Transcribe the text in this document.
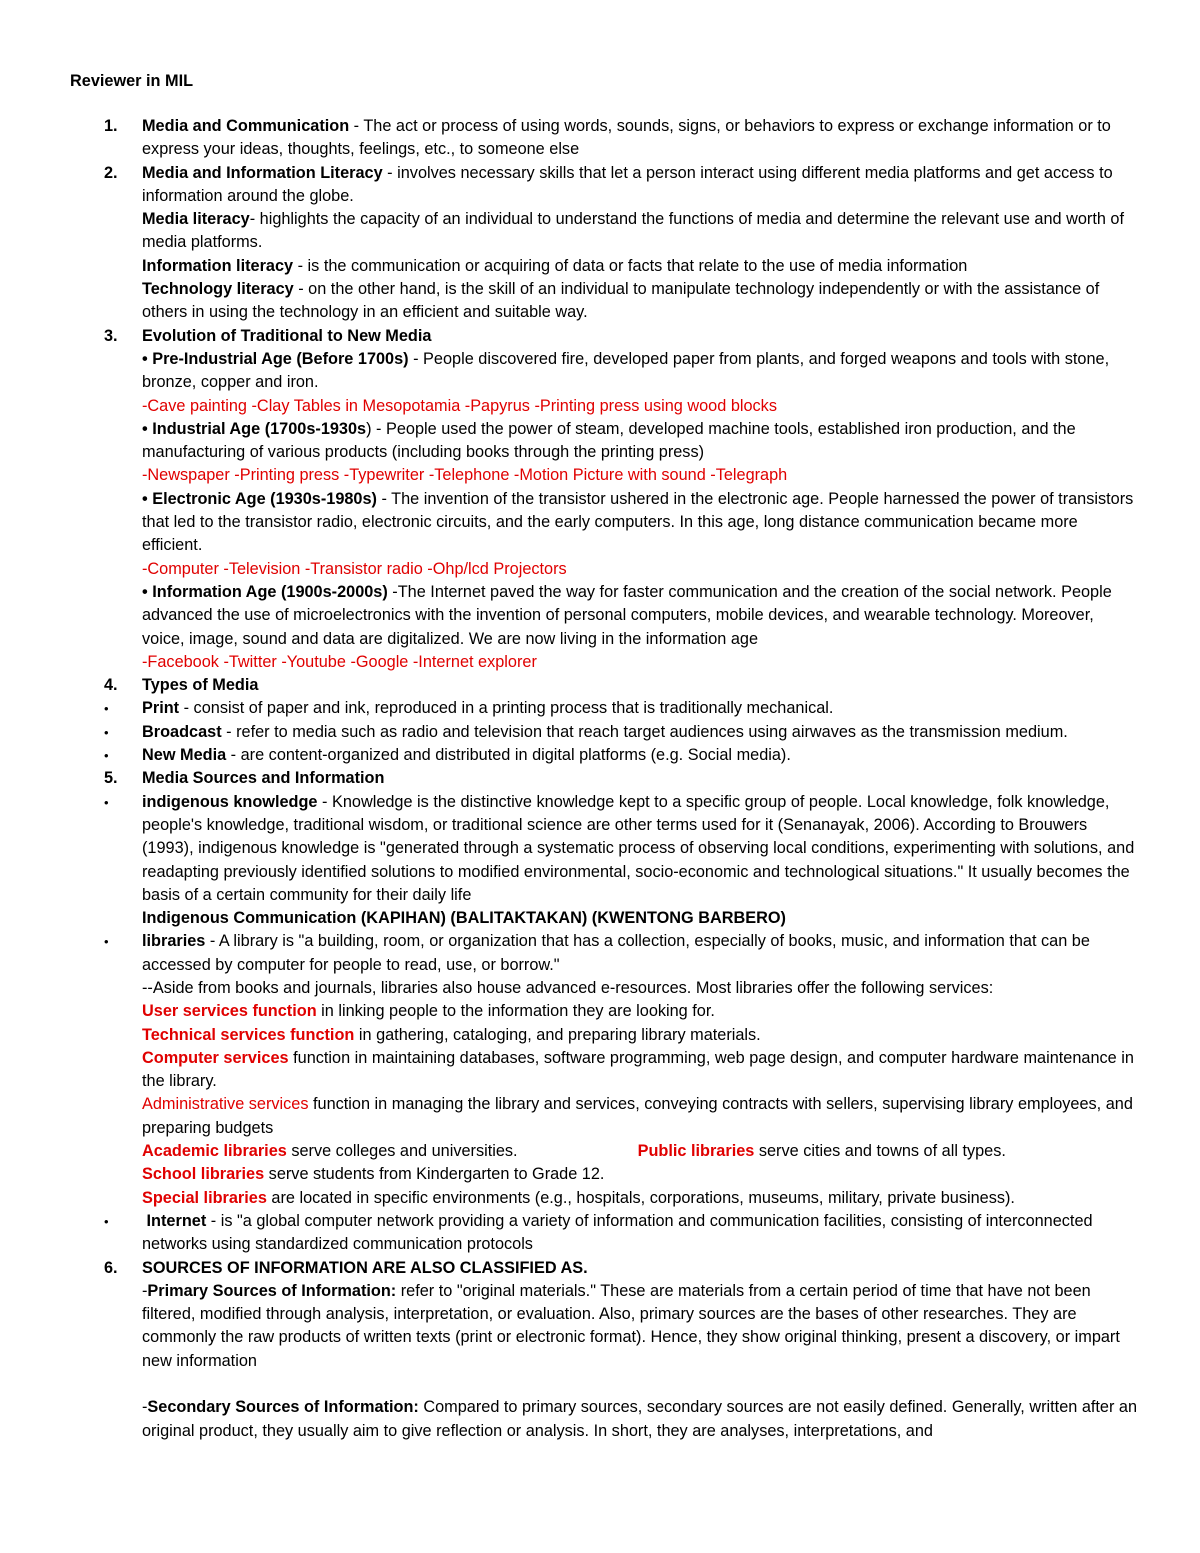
Reviewer in MIL
1. Media and Communication - The act or process of using words, sounds, signs, or behaviors to express or exchange information or to express your ideas, thoughts, feelings, etc., to someone else
2. Media and Information Literacy - involves necessary skills that let a person interact using different media platforms and get access to information around the globe.
Media literacy- highlights the capacity of an individual to understand the functions of media and determine the relevant use and worth of media platforms.
Information literacy - is the communication or acquiring of data or facts that relate to the use of media information
Technology literacy - on the other hand, is the skill of an individual to manipulate technology independently or with the assistance of others in using the technology in an efficient and suitable way.
3. Evolution of Traditional to New Media
• Pre-Industrial Age (Before 1700s) - People discovered fire, developed paper from plants, and forged weapons and tools with stone, bronze, copper and iron.
-Cave painting -Clay Tables in Mesopotamia -Papyrus -Printing press using wood blocks
• Industrial Age (1700s-1930s) - People used the power of steam, developed machine tools, established iron production, and the manufacturing of various products (including books through the printing press)
-Newspaper -Printing press -Typewriter -Telephone -Motion Picture with sound -Telegraph
• Electronic Age (1930s-1980s) - The invention of the transistor ushered in the electronic age. People harnessed the power of transistors that led to the transistor radio, electronic circuits, and the early computers. In this age, long distance communication became more efficient.
-Computer -Television -Transistor radio -Ohp/lcd Projectors
• Information Age (1900s-2000s) -The Internet paved the way for faster communication and the creation of the social network. People advanced the use of microelectronics with the invention of personal computers, mobile devices, and wearable technology. Moreover, voice, image, sound and data are digitalized. We are now living in the information age
-Facebook -Twitter -Youtube -Google -Internet explorer
4. Types of Media
• Print - consist of paper and ink, reproduced in a printing process that is traditionally mechanical.
• Broadcast - refer to media such as radio and television that reach target audiences using airwaves as the transmission medium.
• New Media - are content-organized and distributed in digital platforms (e.g. Social media).
5. Media Sources and Information
• indigenous knowledge - Knowledge is the distinctive knowledge kept to a specific group of people. Local knowledge, folk knowledge, people's knowledge, traditional wisdom, or traditional science are other terms used for it (Senanayak, 2006). According to Brouwers (1993), indigenous knowledge is "generated through a systematic process of observing local conditions, experimenting with solutions, and readapting previously identified solutions to modified environmental, socio-economic and technological situations." It usually becomes the basis of a certain community for their daily life
Indigenous Communication (KAPIHAN) (BALITAKTAKAN) (KWENTONG BARBERO)
• libraries - A library is "a building, room, or organization that has a collection, especially of books, music, and information that can be accessed by computer for people to read, use, or borrow."
--Aside from books and journals, libraries also house advanced e-resources. Most libraries offer the following services:
User services function in linking people to the information they are looking for.
Technical services function in gathering, cataloging, and preparing library materials.
Computer services function in maintaining databases, software programming, web page design, and computer hardware maintenance in the library.
Administrative services function in managing the library and services, conveying contracts with sellers, supervising library employees, and preparing budgets
Academic libraries serve colleges and universities.	Public libraries serve cities and towns of all types.
School libraries serve students from Kindergarten to Grade 12.
Special libraries are located in specific environments (e.g., hospitals, corporations, museums, military, private business).
• Internet - is "a global computer network providing a variety of information and communication facilities, consisting of interconnected networks using standardized communication protocols
6. SOURCES OF INFORMATION ARE ALSO CLASSIFIED AS.
-Primary Sources of Information: refer to "original materials." These are materials from a certain period of time that have not been filtered, modified through analysis, interpretation, or evaluation. Also, primary sources are the bases of other researches. They are commonly the raw products of written texts (print or electronic format). Hence, they show original thinking, present a discovery, or impart new information
-Secondary Sources of Information: Compared to primary sources, secondary sources are not easily defined. Generally, written after an original product, they usually aim to give reflection or analysis. In short, they are analyses, interpretations, and
